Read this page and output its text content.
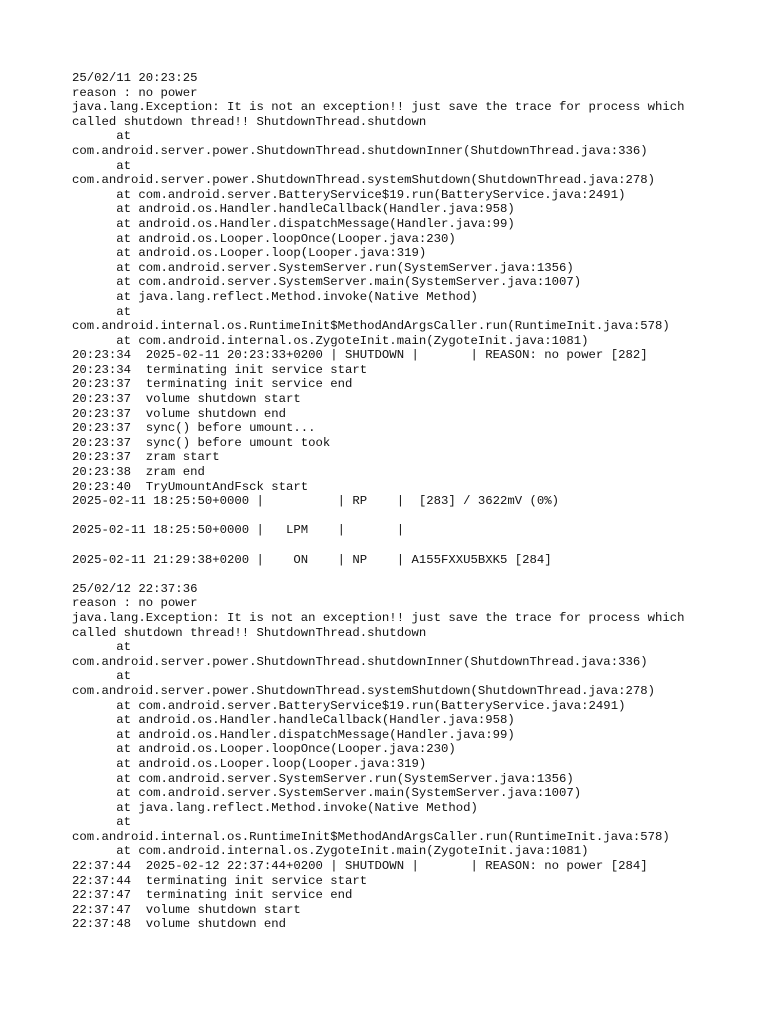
25/02/11 20:23:25
reason : no power
java.lang.Exception: It is not an exception!! just save the trace for process which
called shutdown thread!! ShutdownThread.shutdown
at
com.android.server.power.ShutdownThread.shutdownInner(ShutdownThread.java:336)
at
com.android.server.power.ShutdownThread.systemShutdown(ShutdownThread.java:278)
at com.android.server.BatteryService$19.run(BatteryService.java:2491)
at android.os.Handler.handleCallback(Handler.java:958)
at android.os.Handler.dispatchMessage(Handler.java:99)
at android.os.Looper.loopOnce(Looper.java:230)
at android.os.Looper.loop(Looper.java:319)
at com.android.server.SystemServer.run(SystemServer.java:1356)
at com.android.server.SystemServer.main(SystemServer.java:1007)
at java.lang.reflect.Method.invoke(Native Method)
at
com.android.internal.os.RuntimeInit$MethodAndArgsCaller.run(RuntimeInit.java:578)
at com.android.internal.os.ZygoteInit.main(ZygoteInit.java:1081)
20:23:34  2025-02-11 20:23:33+0200 | SHUTDOWN |       | REASON: no power [282]
20:23:34  terminating init service start
20:23:37  terminating init service end
20:23:37  volume shutdown start
20:23:37  volume shutdown end
20:23:37  sync() before umount...
20:23:37  sync() before umount took
20:23:37  zram start
20:23:38  zram end
20:23:40  TryUmountAndFsck start
2025-02-11 18:25:50+0000 |          | RP    |  [283] / 3622mV (0%)

2025-02-11 18:25:50+0000 |   LPM    |       |

2025-02-11 21:29:38+0200 |    ON    | NP    | A155FXXU5BXK5 [284]
25/02/12 22:37:36
reason : no power
java.lang.Exception: It is not an exception!! just save the trace for process which
called shutdown thread!! ShutdownThread.shutdown
at
com.android.server.power.ShutdownThread.shutdownInner(ShutdownThread.java:336)
at
com.android.server.power.ShutdownThread.systemShutdown(ShutdownThread.java:278)
at com.android.server.BatteryService$19.run(BatteryService.java:2491)
at android.os.Handler.handleCallback(Handler.java:958)
at android.os.Handler.dispatchMessage(Handler.java:99)
at android.os.Looper.loopOnce(Looper.java:230)
at android.os.Looper.loop(Looper.java:319)
at com.android.server.SystemServer.run(SystemServer.java:1356)
at com.android.server.SystemServer.main(SystemServer.java:1007)
at java.lang.reflect.Method.invoke(Native Method)
at
com.android.internal.os.RuntimeInit$MethodAndArgsCaller.run(RuntimeInit.java:578)
at com.android.internal.os.ZygoteInit.main(ZygoteInit.java:1081)
22:37:44  2025-02-12 22:37:44+0200 | SHUTDOWN |       | REASON: no power [284]
22:37:44  terminating init service start
22:37:47  terminating init service end
22:37:47  volume shutdown start
22:37:48  volume shutdown end
